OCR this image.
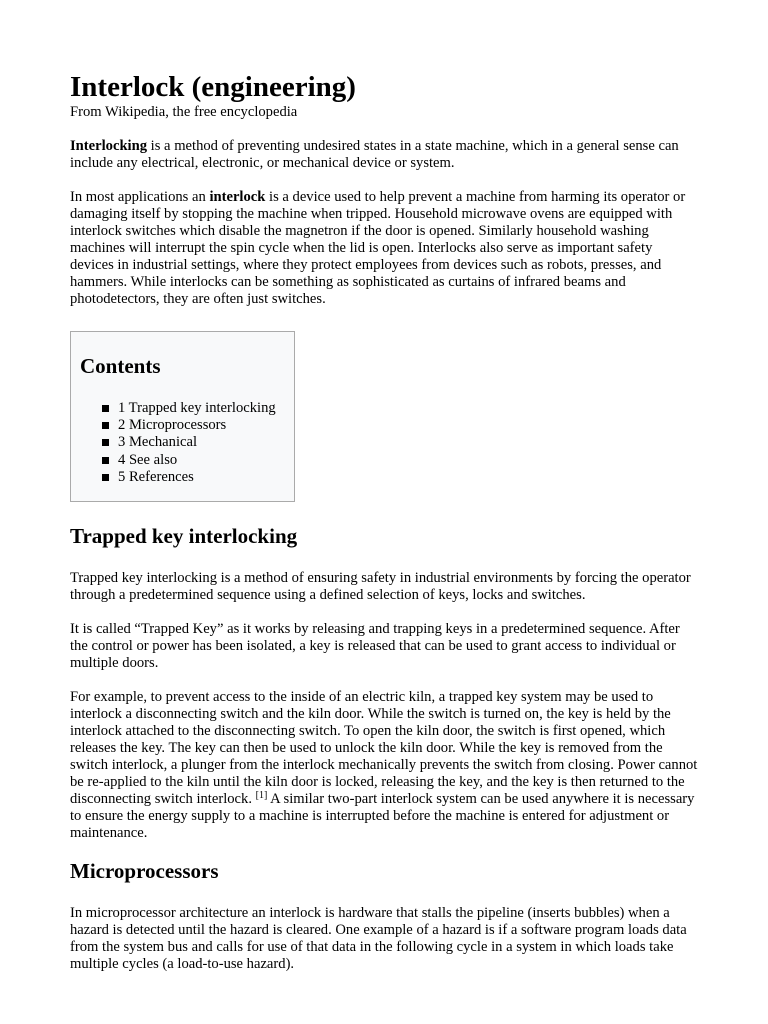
Interlock (engineering)
From Wikipedia, the free encyclopedia

Interlocking is a method of preventing undesired states in a state machine, which in a general sense can include any electrical, electronic, or mechanical device or system.

In most applications an interlock is a device used to help prevent a machine from harming its operator or damaging itself by stopping the machine when tripped. Household microwave ovens are equipped with interlock switches which disable the magnetron if the door is opened. Similarly household washing machines will interrupt the spin cycle when the lid is open. Interlocks also serve as important safety devices in industrial settings, where they protect employees from devices such as robots, presses, and hammers. While interlocks can be something as sophisticated as curtains of infrared beams and photodetectors, they are often just switches.

Contents
1 Trapped key interlocking
2 Microprocessors
3 Mechanical
4 See also
5 References
Trapped key interlocking

Trapped key interlocking is a method of ensuring safety in industrial environments by forcing the operator through a predetermined sequence using a defined selection of keys, locks and switches.

It is called “Trapped Key” as it works by releasing and trapping keys in a predetermined sequence. After the control or power has been isolated, a key is released that can be used to grant access to individual or multiple doors.

For example, to prevent access to the inside of an electric kiln, a trapped key system may be used to interlock a disconnecting switch and the kiln door. While the switch is turned on, the key is held by the interlock attached to the disconnecting switch. To open the kiln door, the switch is first opened, which releases the key. The key can then be used to unlock the kiln door. While the key is removed from the switch interlock, a plunger from the interlock mechanically prevents the switch from closing. Power cannot be re-applied to the kiln until the kiln door is locked, releasing the key, and the key is then returned to the disconnecting switch interlock. [1] A similar two-part interlock system can be used anywhere it is necessary to ensure the energy supply to a machine is interrupted before the machine is entered for adjustment or maintenance.

Microprocessors

In microprocessor architecture an interlock is hardware that stalls the pipeline (inserts bubbles) when a hazard is detected until the hazard is cleared. One example of a hazard is if a software program loads data from the system bus and calls for use of that data in the following cycle in a system in which loads take multiple cycles (a load-to-use hazard).
